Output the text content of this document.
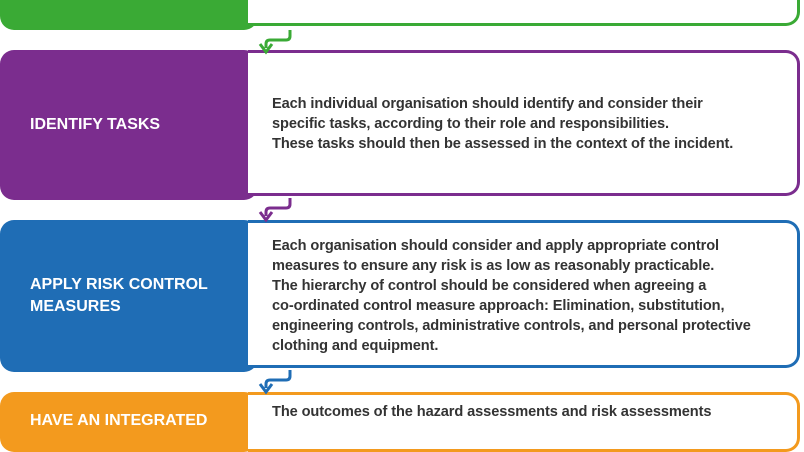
IDENTIFY TASKS
Each individual organisation should identify and consider their
specific tasks, according to their role and responsibilities.
These tasks should then be assessed in the context of the incident.
APPLY RISK CONTROL
MEASURES
Each organisation should consider and apply appropriate control
measures to ensure any risk is as low as reasonably practicable.
The hierarchy of control should be considered when agreeing a
co-ordinated control measure approach: Elimination, substitution,
engineering controls, administrative controls, and personal protective
clothing and equipment.
HAVE AN INTEGRATED	The outcomes of the hazard assessments and risk assessments
